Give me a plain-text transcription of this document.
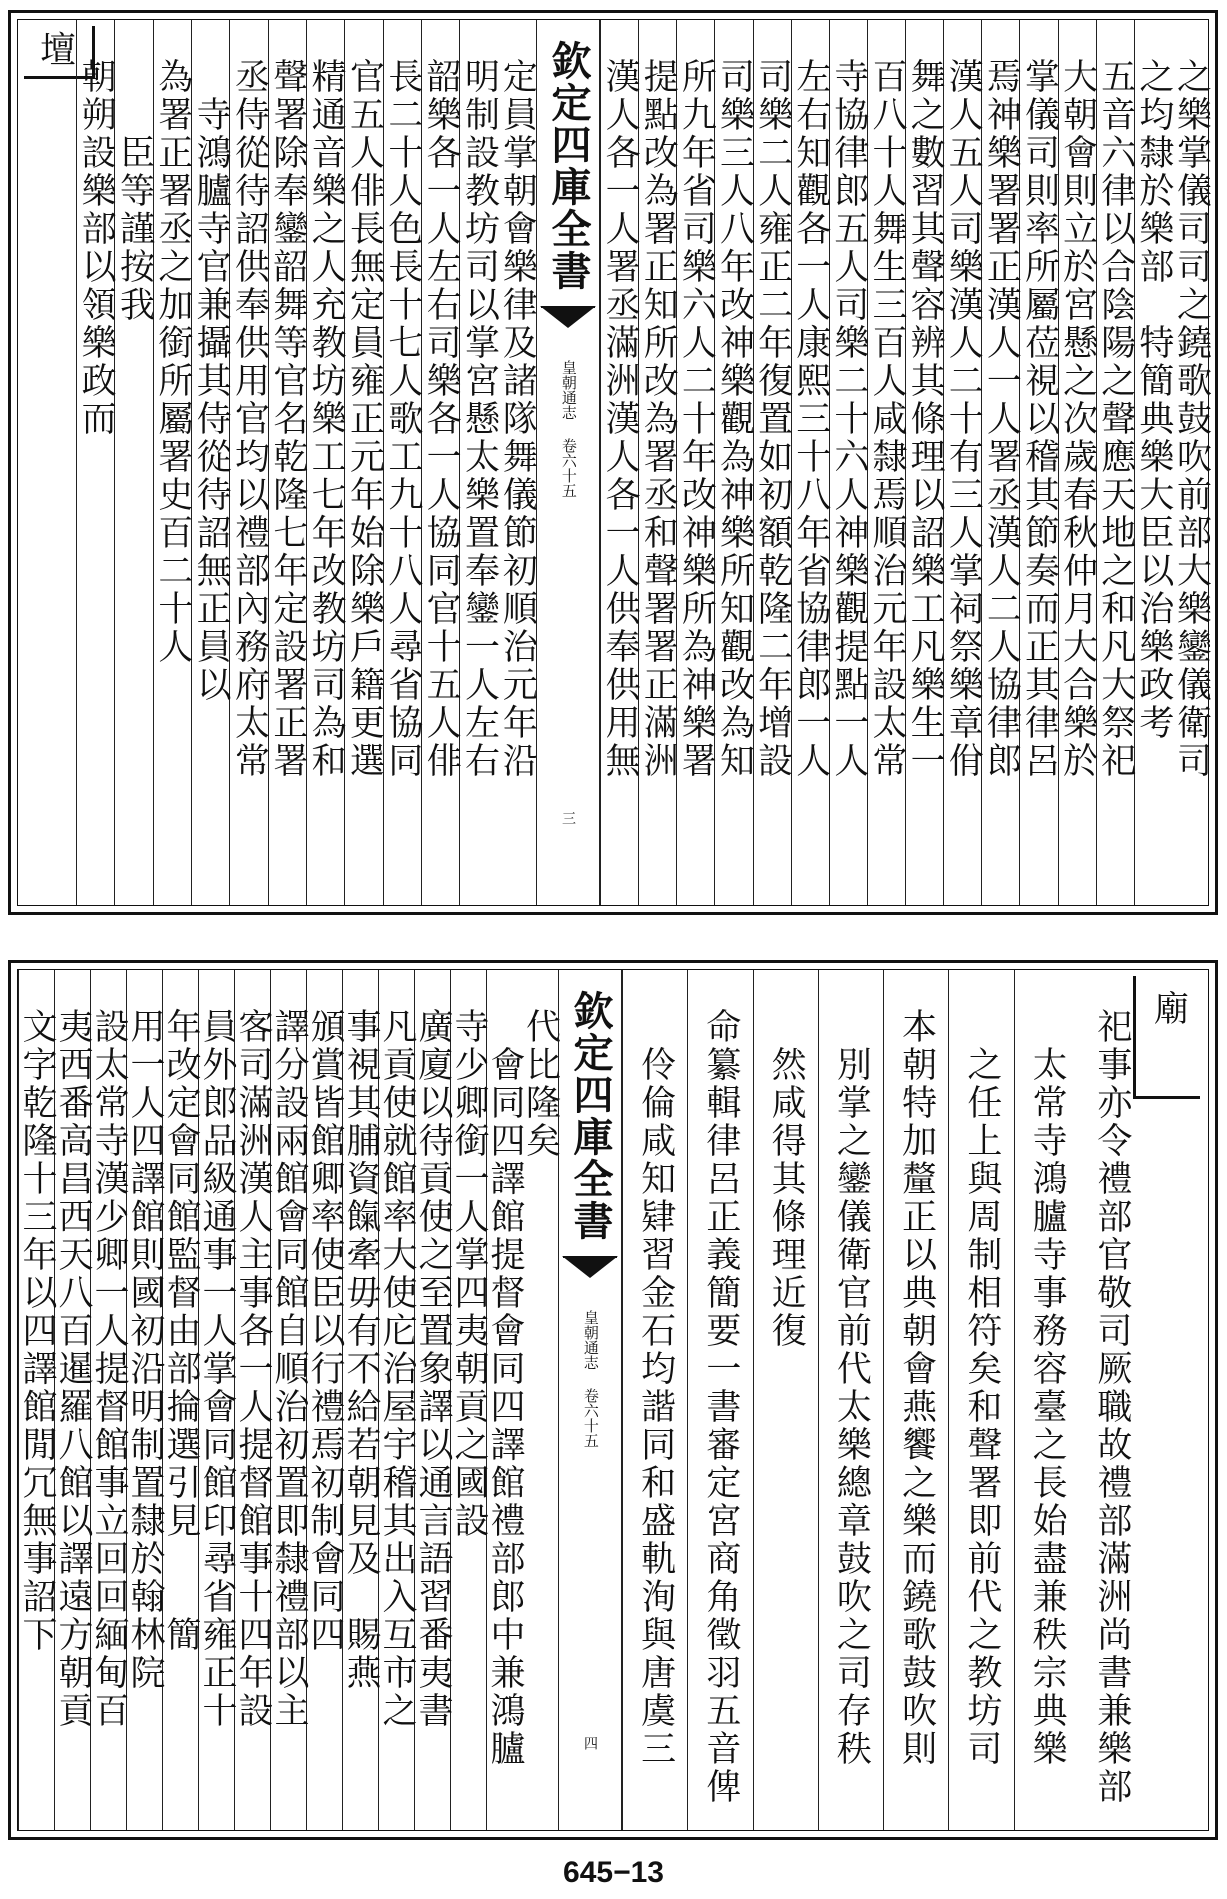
壇
定員掌朝會樂律及諸隊舞儀節初順治元年沿
明制設教坊司以掌宮懸太樂置奉鑾一人左右
韶樂各一人左右司樂各一人協同官十五人俳
長二十人色長十七人歌工九十八人尋省協同
官五人俳長無定員雍正元年始除樂戶籍更選
精通音樂之人充教坊樂工七年改教坊司為和
聲署除奉鑾韶舞等官名乾隆七年定設署正署
丞侍從待詔供奉供用官均以禮部內務府太常
寺鴻臚寺官兼攝其侍從待詔無正員以
為署正署丞之加銜所屬署史百二十人
臣等謹按我
朝朔設樂部以領樂政而	欽定四庫全書
皇朝通志 卷六十五
三
之樂掌儀司司之鐃歌鼓吹前部大樂鑾儀衛司
之均隸於樂部　特簡典樂大臣以治樂政考
五音六律以合陰陽之聲應天地之和凡大祭祀
大朝會則立於宮懸之次歲春秋仲月大合樂於
掌儀司則率所屬莅視以稽其節奏而正其律呂
焉神樂署署正漢人一人署丞漢人二人協律郎
漢人五人司樂漢人二十有三人掌祠祭樂章佾
舞之數習其聲容辨其條理以詔樂工凡樂生一
百八十人舞生三百人咸隸焉順治元年設太常
寺協律郎五人司樂二十六人神樂觀提點一人
左右知觀各一人康熙三十八年省協律郎一人
司樂二人雍正二年復置如初額乾隆二年增設
司樂三人八年改神樂觀為神樂所知觀改為知
所九年省司樂六人二十年改神樂所為神樂署
提點改為署正知所改為署丞和聲署署正滿洲
漢人各一人署丞滿洲漢人各一人供奉供用無
代比隆矣
會同四譯館提督會同四譯館禮部郎中兼鴻臚
寺少卿銜一人掌四夷朝貢之國設
廣廈以待貢使之至置象譯以通言語習番夷書
凡貢使就館率大使庀治屋宇稽其出入互市之
事視其脯資餼牽毋有不給若朝見及　賜燕
頒賞皆館卿率使臣以行禮焉初制會同四
譯分設兩館會同館自順治初置即隸禮部以主
客司滿洲漢人主事各一人提督館事十四年設
員外郎品級通事一人掌會同館印尋省雍正十
年改定會同館監督由部掄選引見　　簡
用一人四譯館則國初沿明制置隸於翰林院
設太常寺漢少卿一人提督館事立回回緬甸百
夷西番高昌西天八百暹羅八館以譯遠方朝貢
文字乾隆十三年以四譯館閒冗無事詔下	欽定四庫全書
皇朝通志 卷六十五
四	祀事亦令禮部官敬司厥職故禮部滿洲尚書兼樂部
太常寺鴻臚寺事務容臺之長始盡兼秩宗典樂
之任上與周制相符矣和聲署即前代之教坊司
本朝特加釐正以典朝會燕饗之樂而鐃歌鼓吹則
別掌之鑾儀衛官前代太樂總章鼓吹之司存秩
然咸得其條理近復
命纂輯律呂正義簡要一書審定宮商角徵羽五音俾
伶倫咸知肄習金石均諧同和盛軌洵與唐虞三
廟
645−13
